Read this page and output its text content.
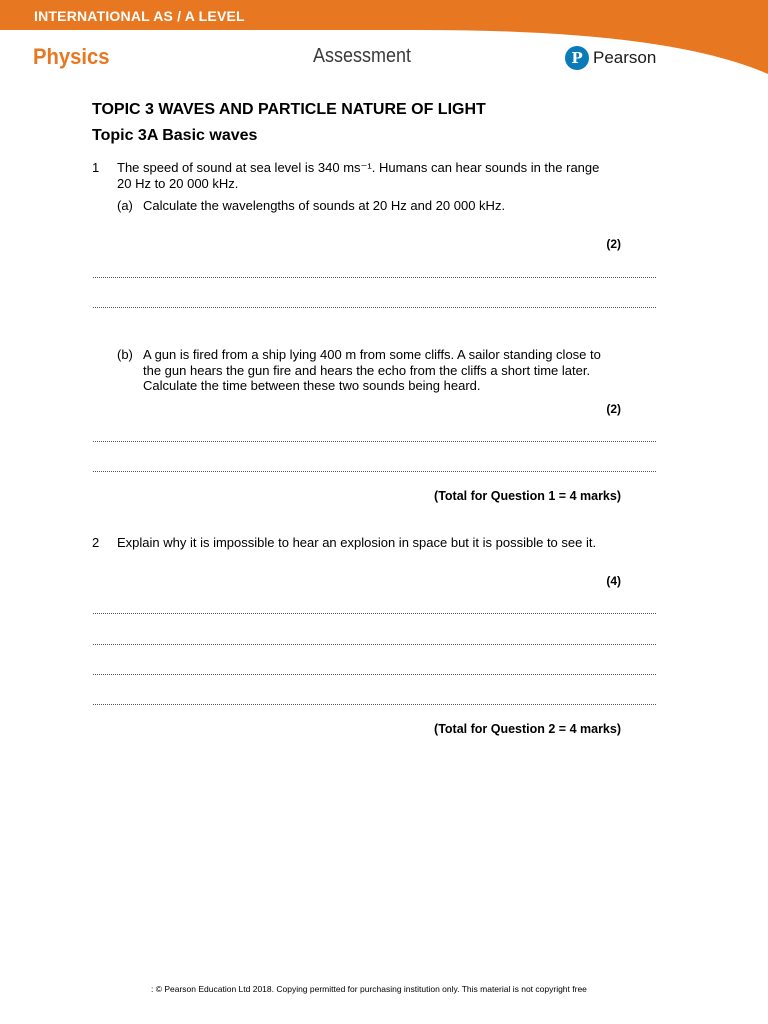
INTERNATIONAL AS / A LEVEL
Physics	Assessment	P Pearson
TOPIC 3 WAVES AND PARTICLE NATURE OF LIGHT
Topic 3A Basic waves
1 The speed of sound at sea level is 340 ms⁻¹. Humans can hear sounds in the range 20 Hz to 20 000 kHz.
(a) Calculate the wavelengths of sounds at 20 Hz and 20 000 kHz.
(2)
(b) A gun is fired from a ship lying 400 m from some cliffs. A sailor standing close to the gun hears the gun fire and hears the echo from the cliffs a short time later. Calculate the time between these two sounds being heard.
(2)
(Total for Question 1 = 4 marks)
2 Explain why it is impossible to hear an explosion in space but it is possible to see it.
(4)
(Total for Question 2 = 4 marks)
: © Pearson Education Ltd 2018. Copying permitted for purchasing institution only. This material is not copyright free
